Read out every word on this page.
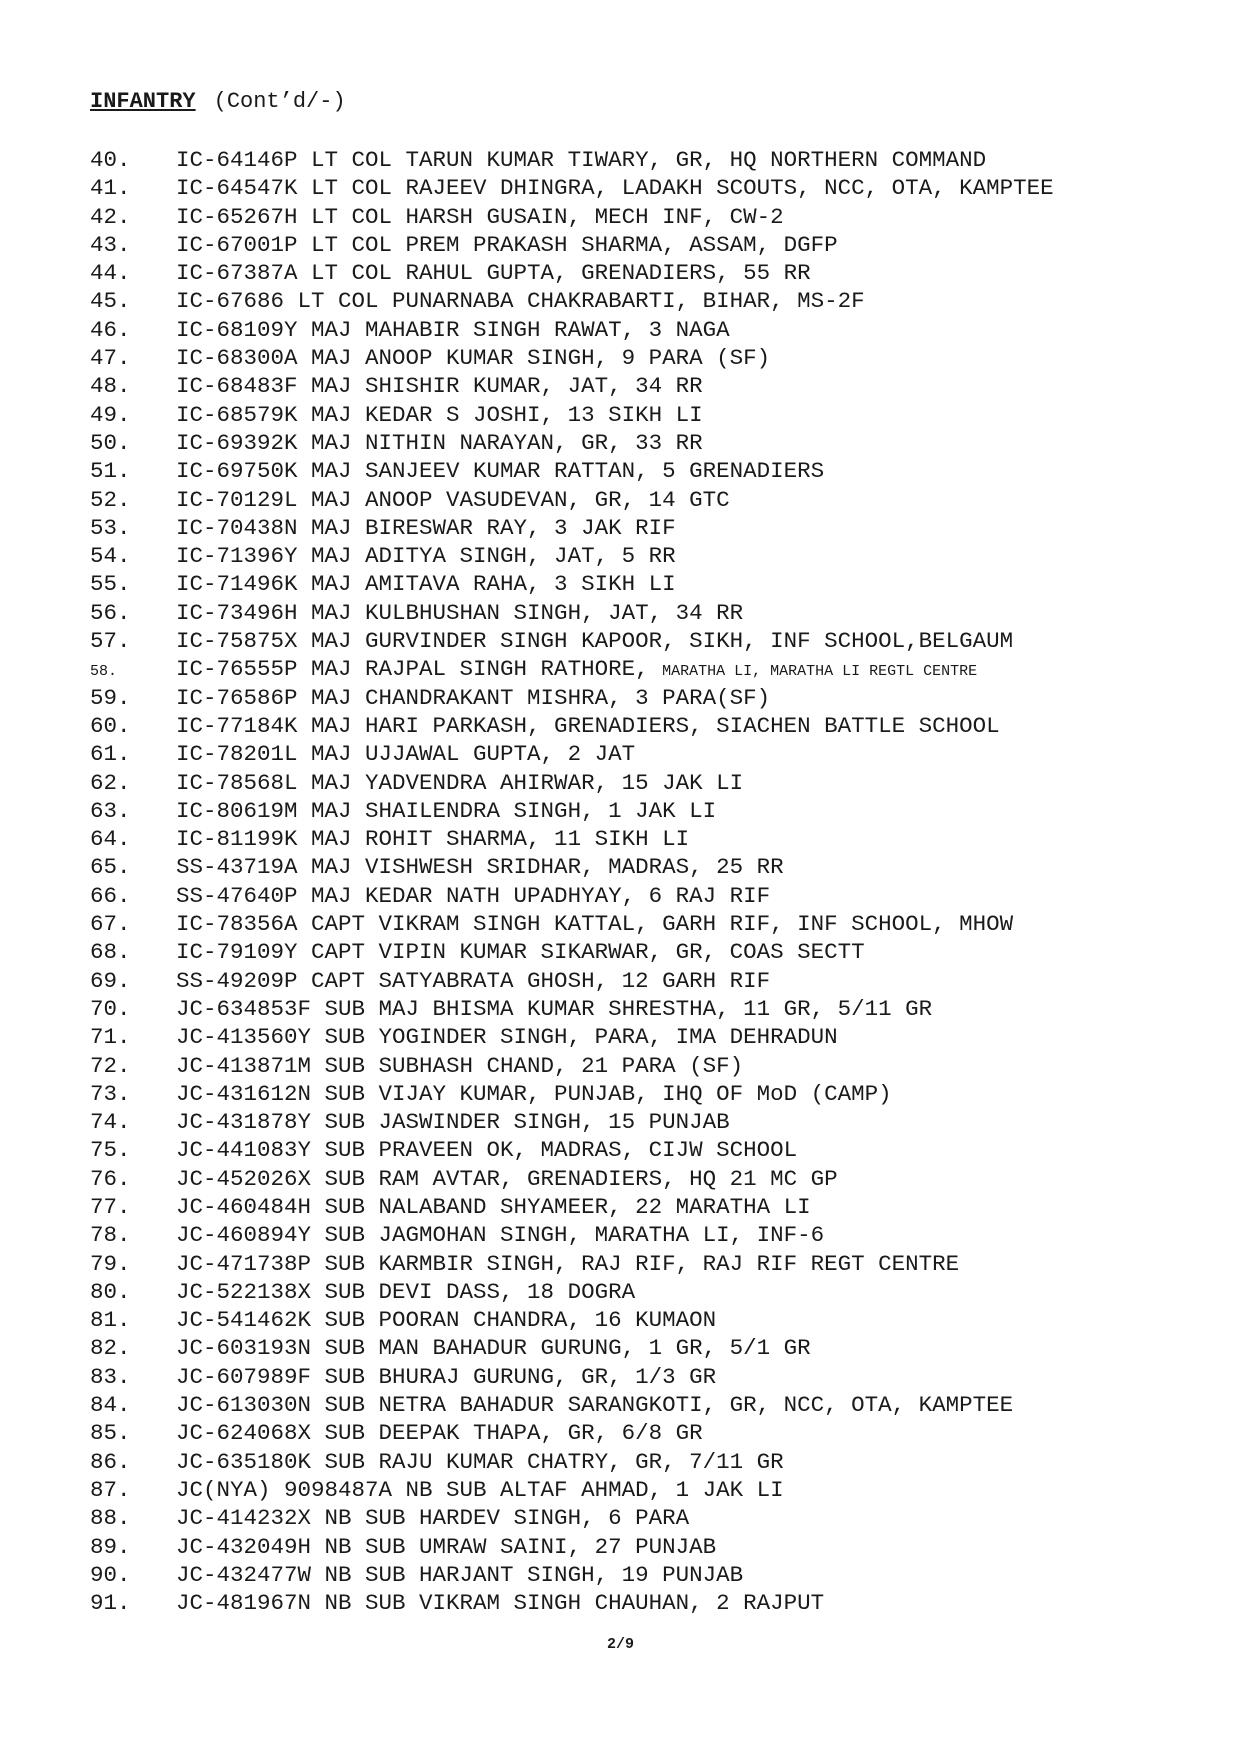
INFANTRY (Cont’d/-)
40.	IC-64146P LT COL TARUN KUMAR TIWARY, GR, HQ NORTHERN COMMAND
41.	IC-64547K LT COL RAJEEV DHINGRA, LADAKH SCOUTS, NCC, OTA, KAMPTEE
42.	IC-65267H LT COL HARSH GUSAIN, MECH INF, CW-2
43.	IC-67001P LT COL PREM PRAKASH SHARMA, ASSAM, DGFP
44.	IC-67387A LT COL RAHUL GUPTA, GRENADIERS, 55 RR
45.	IC-67686 LT COL PUNARNABA CHAKRABARTI, BIHAR, MS-2F
46.	IC-68109Y MAJ MAHABIR SINGH RAWAT, 3 NAGA
47.	IC-68300A MAJ ANOOP KUMAR SINGH, 9 PARA (SF)
48.	IC-68483F MAJ SHISHIR KUMAR, JAT, 34 RR
49.	IC-68579K MAJ KEDAR S JOSHI, 13 SIKH LI
50.	IC-69392K MAJ NITHIN NARAYAN, GR, 33 RR
51.	IC-69750K MAJ SANJEEV KUMAR RATTAN, 5 GRENADIERS
52.	IC-70129L MAJ ANOOP VASUDEVAN, GR, 14 GTC
53.	IC-70438N MAJ BIRESWAR RAY, 3 JAK RIF
54.	IC-71396Y MAJ ADITYA SINGH, JAT, 5 RR
55.	IC-71496K MAJ AMITAVA RAHA, 3 SIKH LI
56.	IC-73496H MAJ KULBHUSHAN SINGH, JAT, 34 RR
57.	IC-75875X MAJ GURVINDER SINGH KAPOOR, SIKH, INF SCHOOL,BELGAUM
58.	IC-76555P MAJ RAJPAL SINGH RATHORE, MARATHA LI, MARATHA LI REGTL CENTRE
59.	IC-76586P MAJ CHANDRAKANT MISHRA, 3 PARA(SF)
60.	IC-77184K MAJ HARI PARKASH, GRENADIERS, SIACHEN BATTLE SCHOOL
61.	IC-78201L MAJ UJJAWAL GUPTA, 2 JAT
62.	IC-78568L MAJ YADVENDRA AHIRWAR, 15 JAK LI
63.	IC-80619M MAJ SHAILENDRA SINGH, 1 JAK LI
64.	IC-81199K MAJ ROHIT SHARMA, 11 SIKH LI
65.	SS-43719A MAJ VISHWESH SRIDHAR, MADRAS, 25 RR
66.	SS-47640P MAJ KEDAR NATH UPADHYAY, 6 RAJ RIF
67.	IC-78356A CAPT VIKRAM SINGH KATTAL, GARH RIF, INF SCHOOL, MHOW
68.	IC-79109Y CAPT VIPIN KUMAR SIKARWAR, GR, COAS SECTT
69.	SS-49209P CAPT SATYABRATA GHOSH, 12 GARH RIF
70.	JC-634853F SUB MAJ BHISMA KUMAR SHRESTHA, 11 GR, 5/11 GR
71.	JC-413560Y SUB YOGINDER SINGH, PARA, IMA DEHRADUN
72.	JC-413871M SUB SUBHASH CHAND, 21 PARA (SF)
73.	JC-431612N SUB VIJAY KUMAR, PUNJAB, IHQ OF MoD (CAMP)
74.	JC-431878Y SUB JASWINDER SINGH, 15 PUNJAB
75.	JC-441083Y SUB PRAVEEN OK, MADRAS, CIJW SCHOOL
76.	JC-452026X SUB RAM AVTAR, GRENADIERS, HQ 21 MC GP
77.	JC-460484H SUB NALABAND SHYAMEER, 22 MARATHA LI
78.	JC-460894Y SUB JAGMOHAN SINGH, MARATHA LI, INF-6
79.	JC-471738P SUB KARMBIR SINGH, RAJ RIF, RAJ RIF REGT CENTRE
80.	JC-522138X SUB DEVI DASS, 18 DOGRA
81.	JC-541462K SUB POORAN CHANDRA, 16 KUMAON
82.	JC-603193N SUB MAN BAHADUR GURUNG, 1 GR, 5/1 GR
83.	JC-607989F SUB BHURAJ GURUNG, GR, 1/3 GR
84.	JC-613030N SUB NETRA BAHADUR SARANGKOTI, GR, NCC, OTA, KAMPTEE
85.	JC-624068X SUB DEEPAK THAPA, GR, 6/8 GR
86.	JC-635180K SUB RAJU KUMAR CHATRY, GR, 7/11 GR
87.	JC(NYA) 9098487A NB SUB ALTAF AHMAD, 1 JAK LI
88.	JC-414232X NB SUB HARDEV SINGH, 6 PARA
89.	JC-432049H NB SUB UMRAW SAINI, 27 PUNJAB
90.	JC-432477W NB SUB HARJANT SINGH, 19 PUNJAB
91.	JC-481967N NB SUB VIKRAM SINGH CHAUHAN, 2 RAJPUT
2/9
